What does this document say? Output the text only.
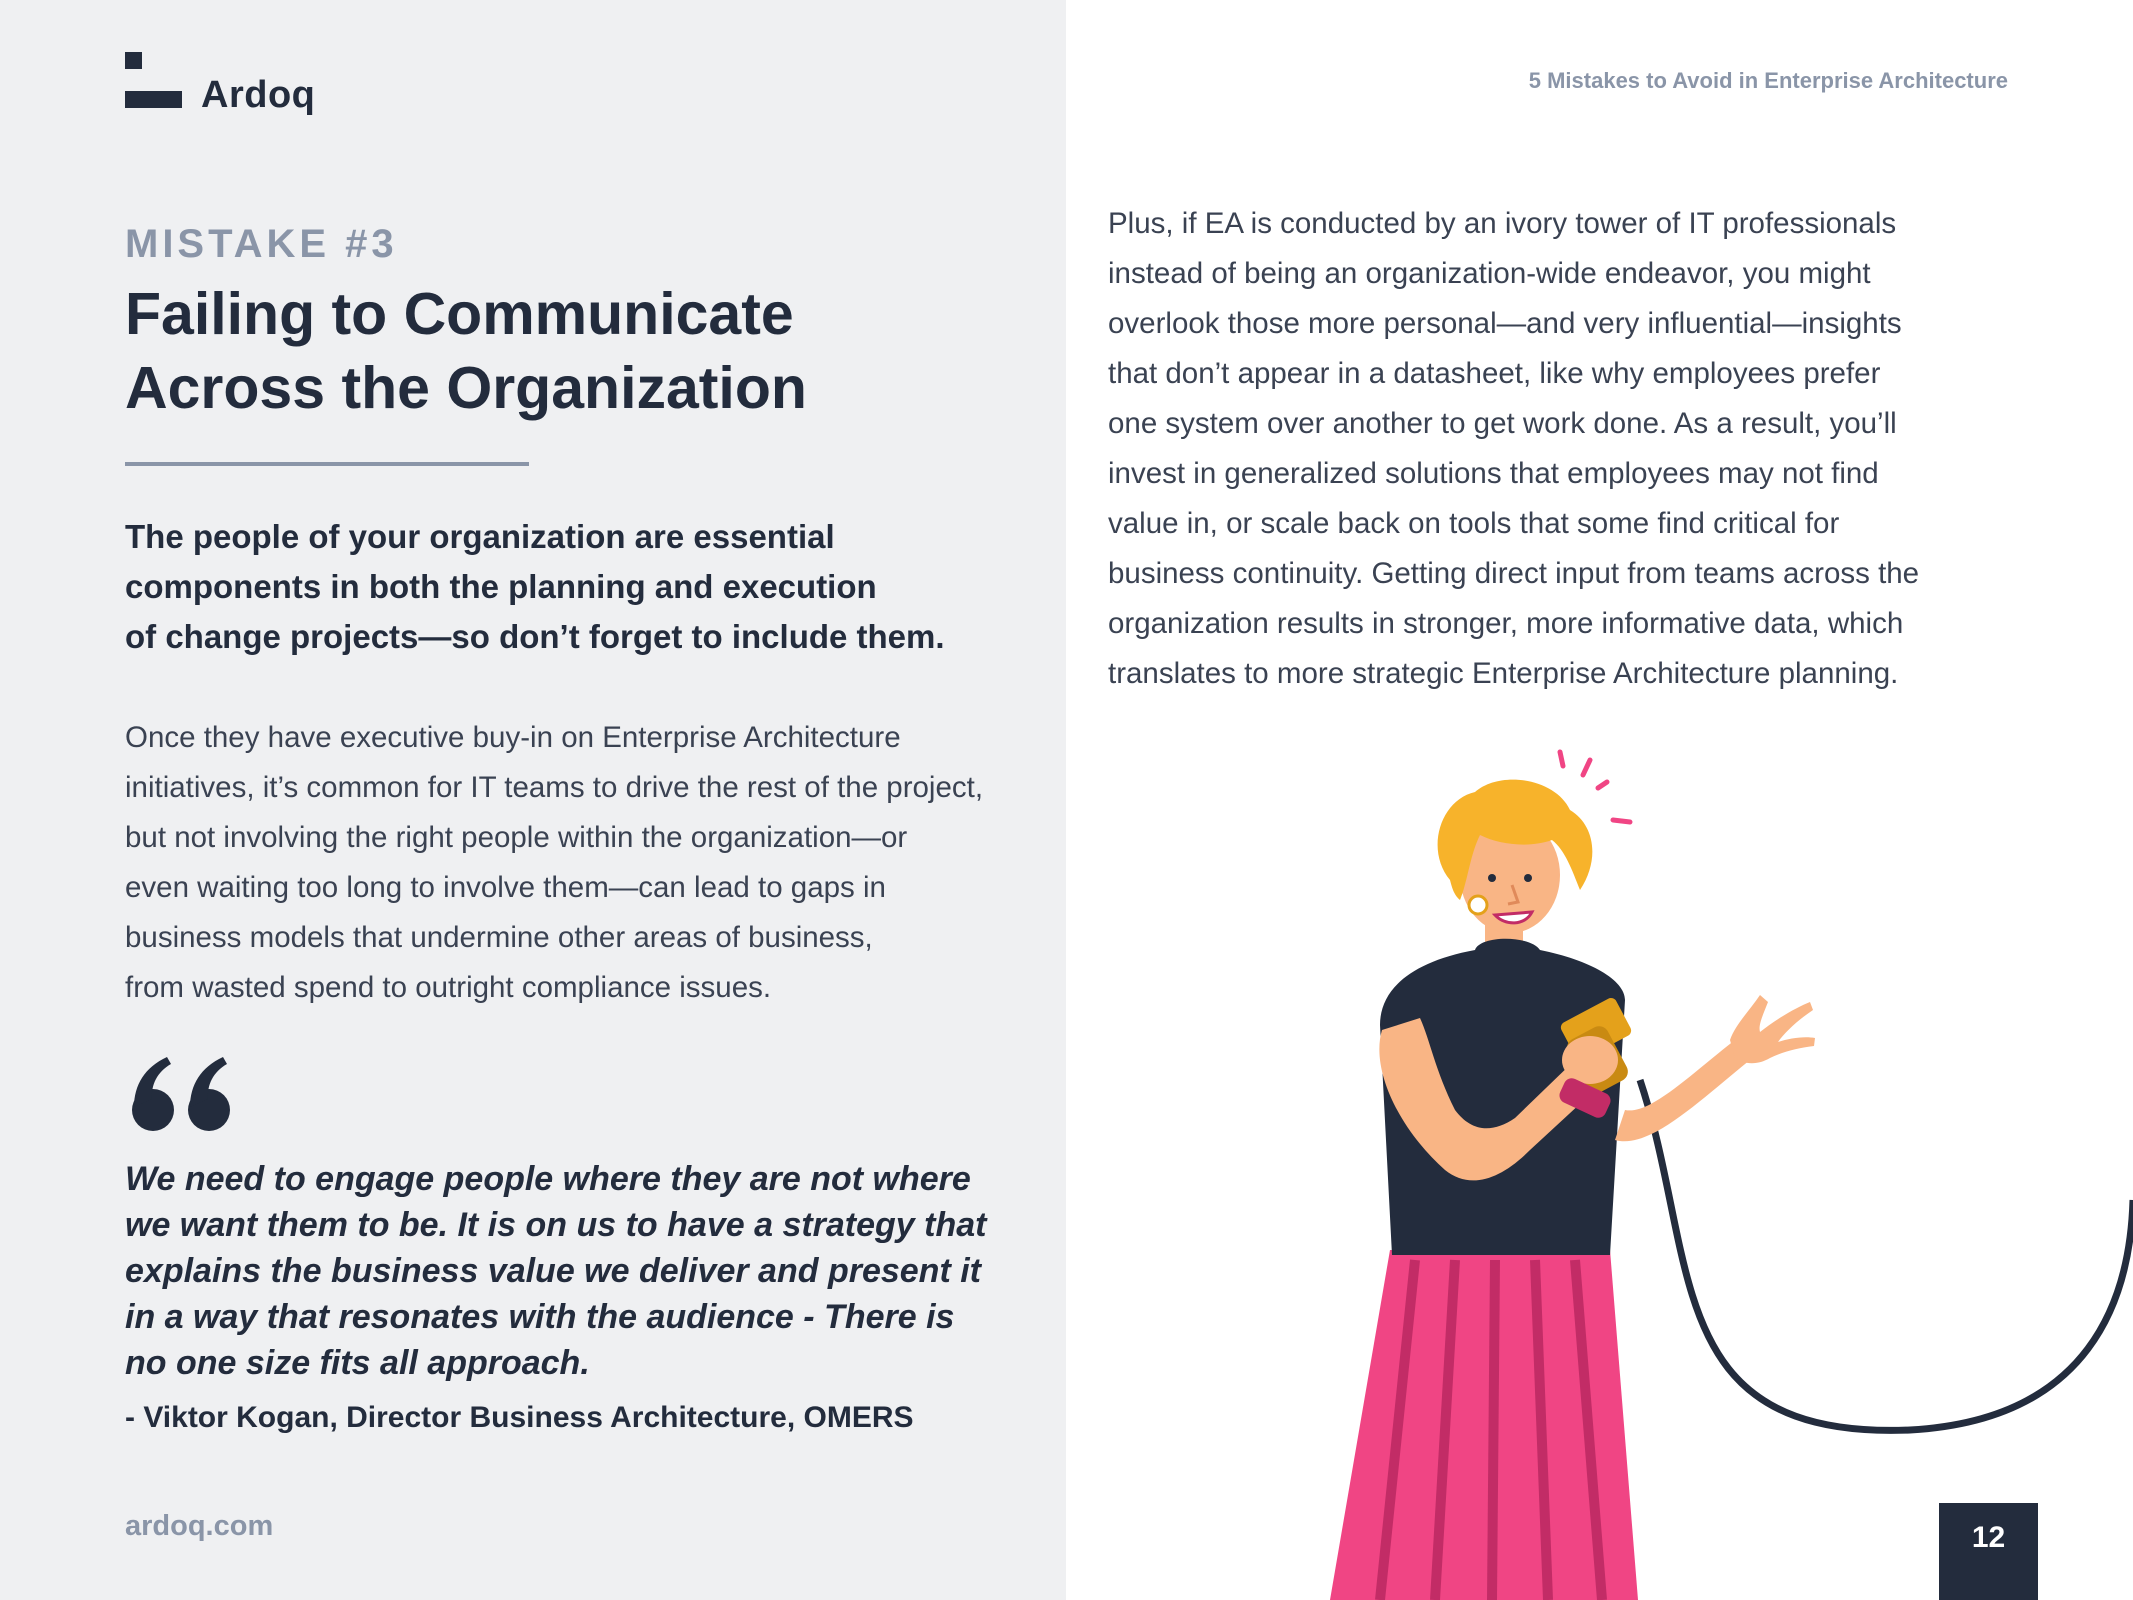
Ardoq
MISTAKE #3
Failing to Communicate
Across the Organization
The people of your organization are essential
components in both the planning and execution
of change projects—so don’t forget to include them.
Once they have executive buy-in on Enterprise Architecture
initiatives, it’s common for IT teams to drive the rest of the project,
but not involving the right people within the organization—or
even waiting too long to involve them—can lead to gaps in
business models that undermine other areas of business,
from wasted spend to outright compliance issues.
We need to engage people where they are not where
we want them to be. It is on us to have a strategy that
explains the business value we deliver and present it
in a way that resonates with the audience - There is
no one size fits all approach.
- Viktor Kogan, Director Business Architecture, OMERS
ardoq.com
5 Mistakes to Avoid in Enterprise Architecture
Plus, if EA is conducted by an ivory tower of IT professionals
instead of being an organization-wide endeavor, you might
overlook those more personal—and very influential—insights
that don’t appear in a datasheet, like why employees prefer
one system over another to get work done. As a result, you’ll
invest in generalized solutions that employees may not find
value in, or scale back on tools that some find critical for
business continuity. Getting direct input from teams across the
organization results in stronger, more informative data, which
translates to more strategic Enterprise Architecture planning.
12
